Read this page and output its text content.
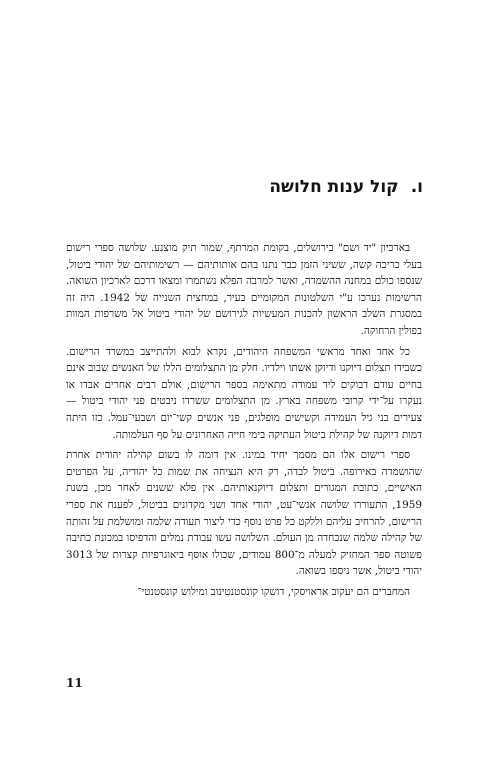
ו.קול ענות חלושה

בארכיון "יד ושם" בירושלים, בקומת המרתף, שמור תיק מוצנע. שלושה ספרי רישום בעלי כריכה קשה, ששיני הזמן כבר נתנו בהם אותותיהם — רשימותיהם של יהודי ביטול, שנספו כולם במחנה ההשמדה, ואשר למרבה הפלא נשתמרו ומצאו דרכם לארכיון השואה. הרשימות נערכו ע"י השלטונות המקומיים בעיר, במחצית השנייה של 1942. היה זה במסגרת השלב הראשון להכנות המעשיות לגירושם של יהודי ביטול אל משרפות המוות בפולין הרחוקה.

כל אחד ואחד מראשי המשפחה היהודים, נקרא לבוא ולהתייצב במשרד הרישום. כשבידו תצלום דיוקנו ודיוקן אשתו וילדיו. חלק מן התצלומים הללו של האנשים שבוב אינם בחיים עודם דבוקים ליד עמודה מתאימה בספר הרישום, אולם רבים אחרים אבדו או נעקרו על־ידי קרובי משפחה בארץ. מן התצלומים ששרדו ניבטים פני יהודי ביטול — צעירים בני גיל העמידה וקשישים מופלגים, פני אנשים קשי־יום ושבעי־עמל. כזו היתה דמות דיוקנה של קהילת ביטול העתיקה בימי חייה האחרונים על סף העלמותה.

ספרי רישום אלו הם מסמך יחיד במינו. אין דומה לו בשום קהילה יהודית אחרת שהושמדה באירופה. ביטול לבדה, רק היא הנציחה את שמות כל יהודיה, על הפרטים האישיים, כתובת המגורים ותצלום דיוקנאותיהם. אין פלא ששנים לאחר מכן, בשנת 1959, התעוררו שלושה אנשי־עט, יהודי אחד ושני מקדונים בביטול, לפענח את ספרי הרישום, להרחיב עליהם וללקט כל פרט נוסף כדי ליצור תעודה שלמה ומושלמת על זהותה של קהילה שלמה שנכחדה מן העולם. השלושה עשו עבודת נמלים והדפיסו במכונת כתיבה פשוטה ספר המחזיק למעלה מ־800 עמודים, שכולו אוסף ביאוגרפיות קצרות של 3013 יהודי ביטול, אשר ניספו בשואה.

המחברים הם יעקוב אראויסקי, דושקו קונסטנטינוב ומילוש קונסטנטי־

11
